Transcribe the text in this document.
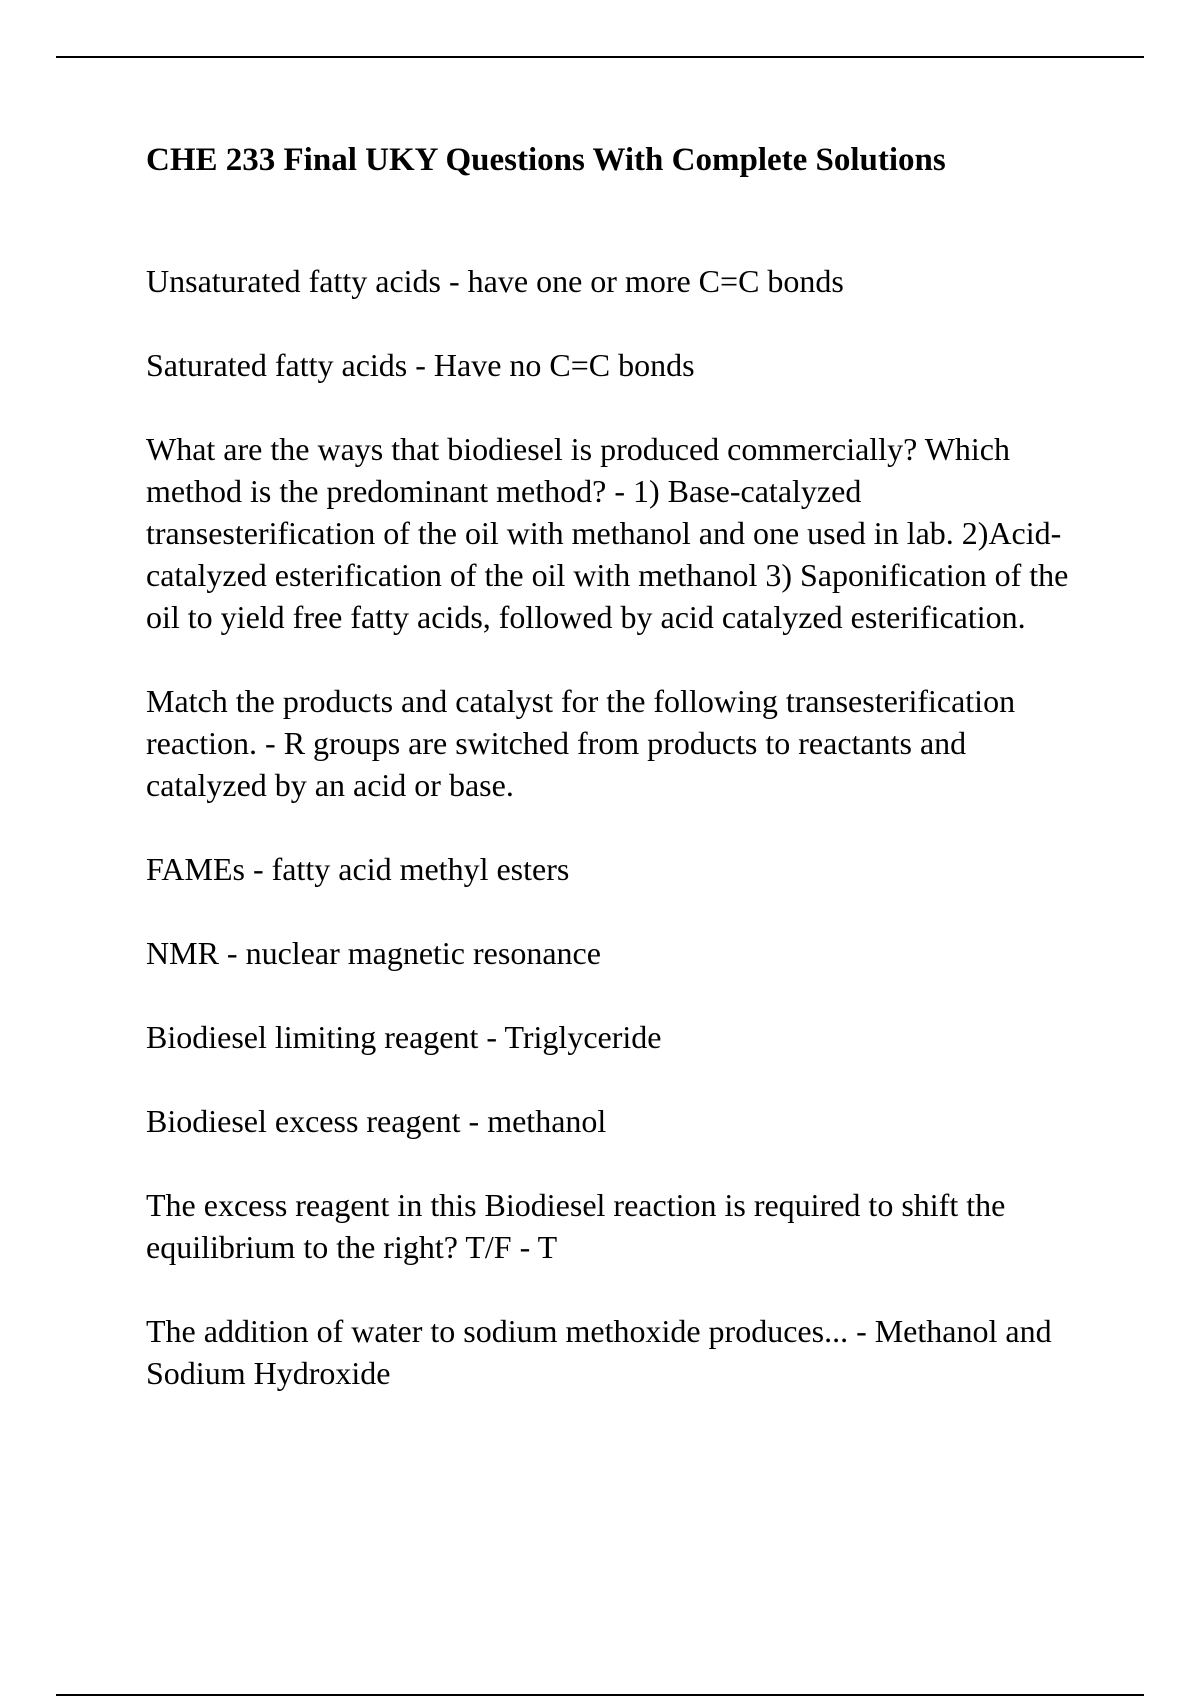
CHE 233 Final UKY Questions With Complete Solutions

Unsaturated fatty acids - have one or more C=C bonds

Saturated fatty acids - Have no C=C bonds

What are the ways that biodiesel is produced commercially? Which method is the predominant method? - 1) Base-catalyzed transesterification of the oil with methanol and one used in lab. 2)Acid-catalyzed esterification of the oil with methanol 3) Saponification of the oil to yield free fatty acids, followed by acid catalyzed esterification.

Match the products and catalyst for the following transesterification reaction. - R groups are switched from products to reactants and catalyzed by an acid or base.

FAMEs - fatty acid methyl esters

NMR - nuclear magnetic resonance

Biodiesel limiting reagent - Triglyceride

Biodiesel excess reagent - methanol

The excess reagent in this Biodiesel reaction is required to shift the equilibrium to the right? T/F - T

The addition of water to sodium methoxide produces... - Methanol and Sodium Hydroxide
